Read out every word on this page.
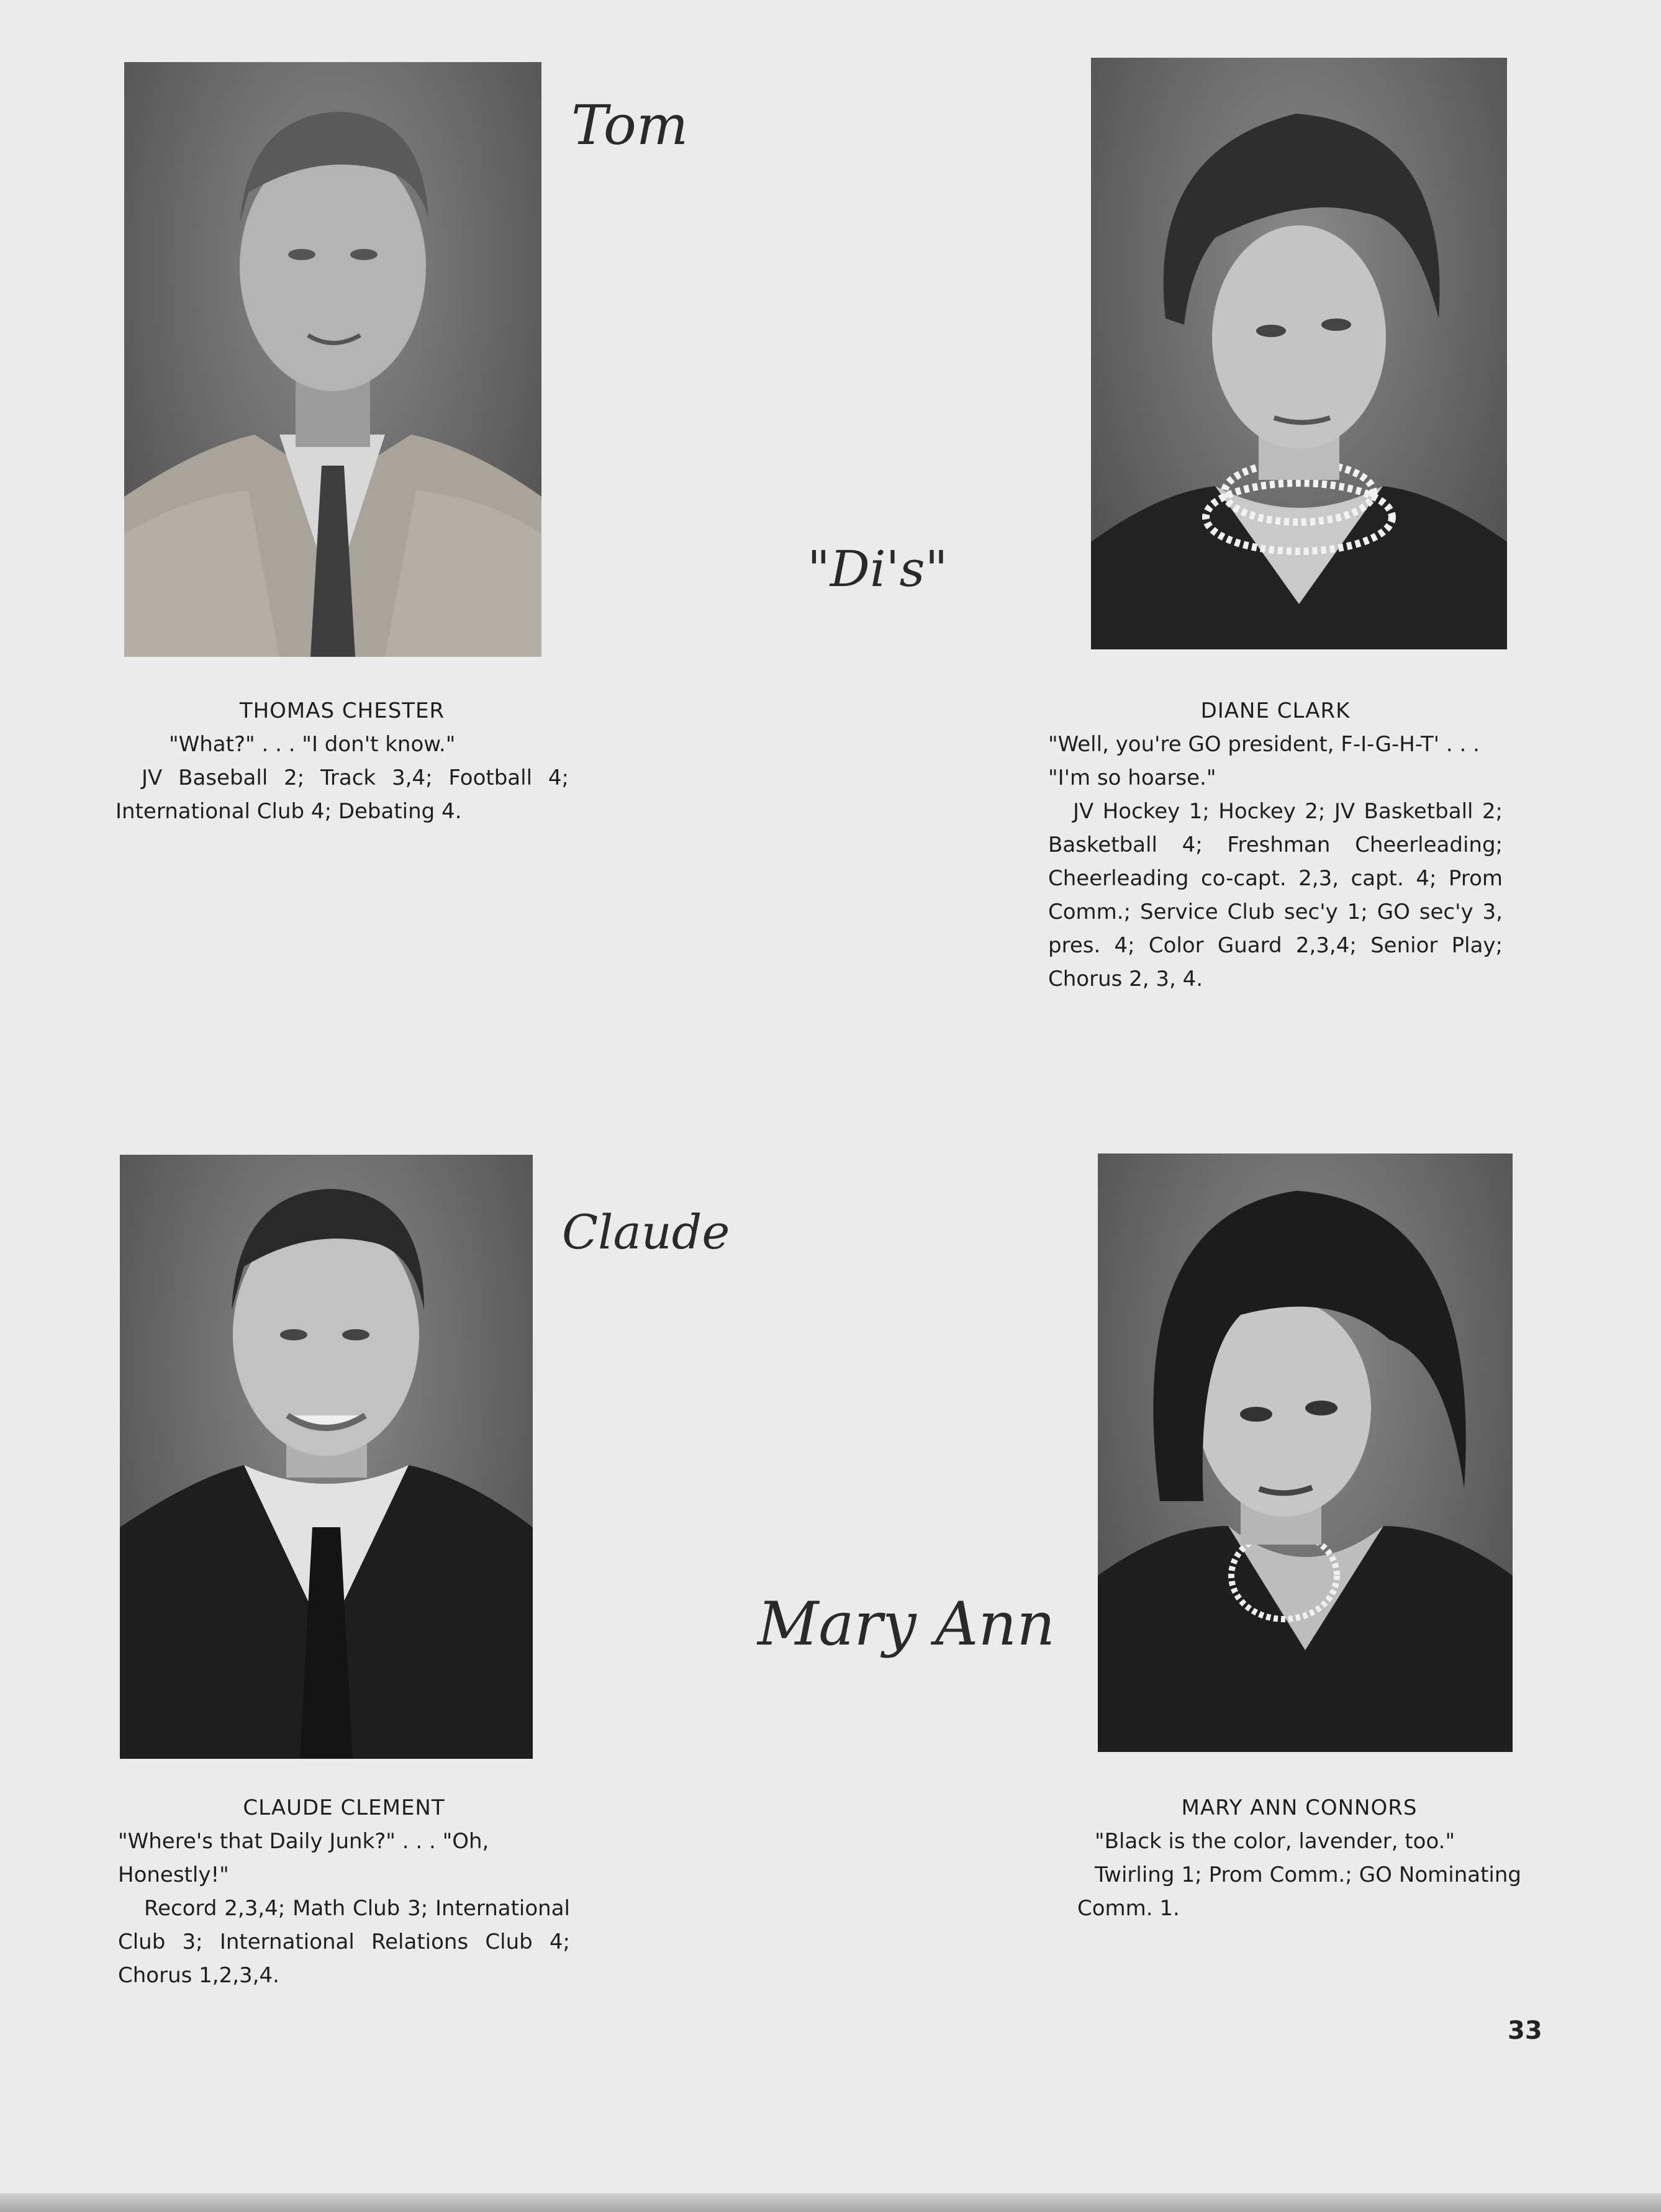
Tom
THOMAS CHESTER
"What?" . . . "I don't know."
JV Baseball 2; Track 3,4; Football 4; International Club 4; Debating 4.
"Di's"
DIANE CLARK
"Well, you're GO president, F-I-G-H-T' . . . "I'm so hoarse."
JV Hockey 1; Hockey 2; JV Basketball 2; Basketball 4; Freshman Cheerleading; Cheerleading co-capt. 2,3, capt. 4; Prom Comm.; Service Club sec'y 1; GO sec'y 3, pres. 4; Color Guard 2,3,4; Senior Play; Chorus 2, 3, 4.
Claude
CLAUDE CLEMENT
"Where's that Daily Junk?" . . . "Oh, Honestly!"
Record 2,3,4; Math Club 3; International Club 3; International Relations Club 4; Chorus 1,2,3,4.
Mary Ann
MARY ANN CONNORS
"Black is the color, lavender, too."
Twirling 1; Prom Comm.; GO Nominating Comm. 1.
33
